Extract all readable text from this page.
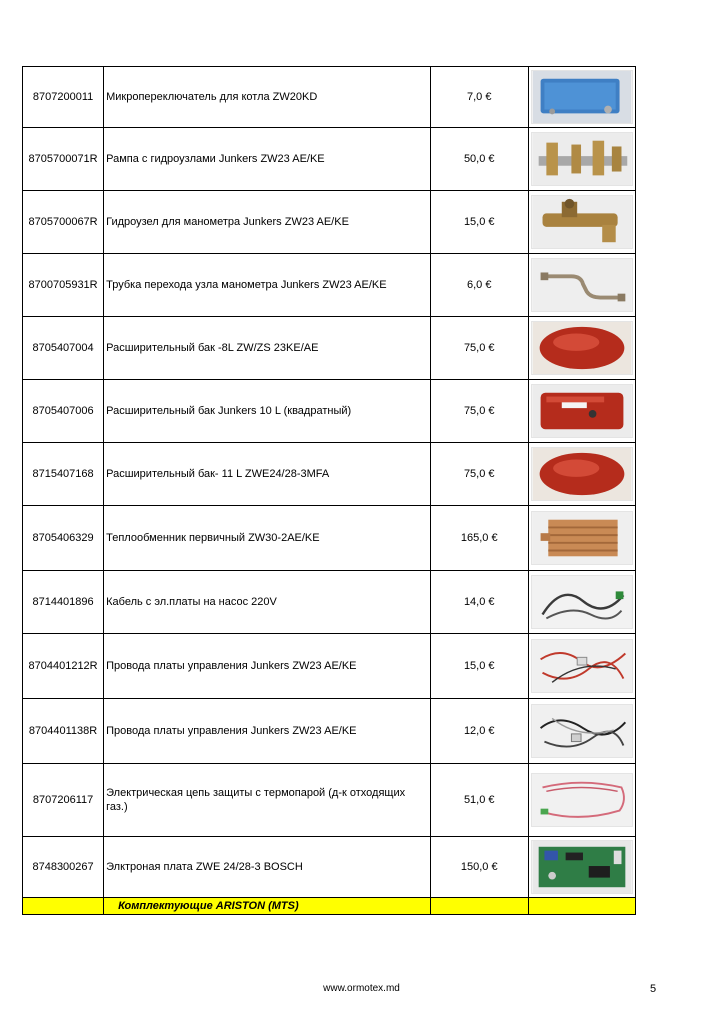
8707200011	Микропереключатель для котла ZW20KD	7,0 €	

8705700071R	Рампа с гидроузлами Junkers ZW23 AE/KE	50,0 €	

8705700067R	Гидроузел для манометра Junkers ZW23 AE/KE	15,0 €	

8700705931R	Трубка перехода узла манометра Junkers ZW23 AE/KE	6,0 €	

8705407004	Расширительный бак -8L ZW/ZS 23KE/AE	75,0 €	

8705407006	Расширительный бак Junkers 10 L (квадратный)	75,0 €	

8715407168	Расширительный бак- 11 L ZWE24/28-3MFA	75,0 €	

8705406329	Теплообменник первичный ZW30-2AE/KE	165,0 €	

8714401896	Кабель с эл.платы на насос 220V	14,0 €	

8704401212R	Провода платы управления Junkers ZW23 AE/KE	15,0 €	

8704401138R	Провода платы управления Junkers ZW23 AE/KE	12,0 €	

8707206117	Электрическая цепь защиты с термопарой (д-к отходящих газ.)	51,0 €	

8748300267	Элктроная плата ZWE 24/28-3 BOSCH	150,0 €	

	Комплектующие ARISTON (MTS)		
www.ormotex.md	5
